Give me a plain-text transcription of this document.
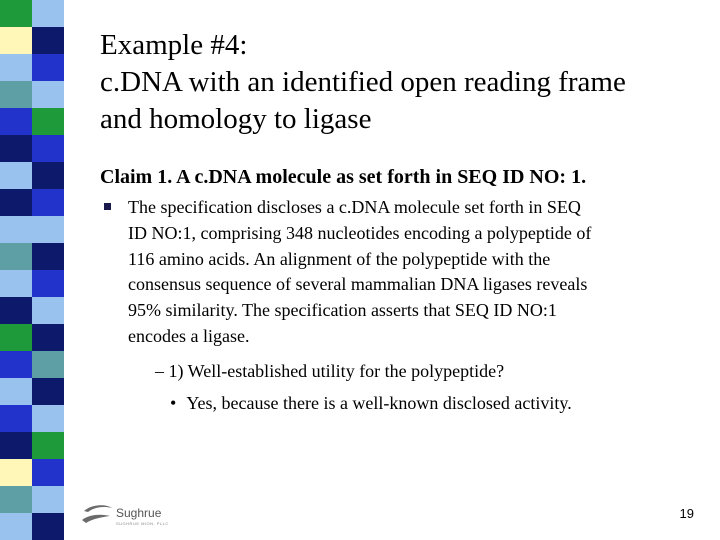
Example #4:
c.DNA with an identified open reading frame
and homology to ligase
Claim 1. A c.DNA molecule as set forth in SEQ ID NO: 1.
The specification discloses a c.DNA molecule set forth in SEQ
ID NO:1, comprising 348 nucleotides encoding a polypeptide of
116 amino acids. An alignment of the polypeptide with the
consensus sequence of several mammalian DNA ligases reveals
95% similarity. The specification asserts that SEQ ID NO:1
encodes a ligase.
– 1) Well-established utility for the polypeptide?
• Yes, because there is a well-known disclosed activity.
Sughrue
SUGHRUE MION, PLLC
19
